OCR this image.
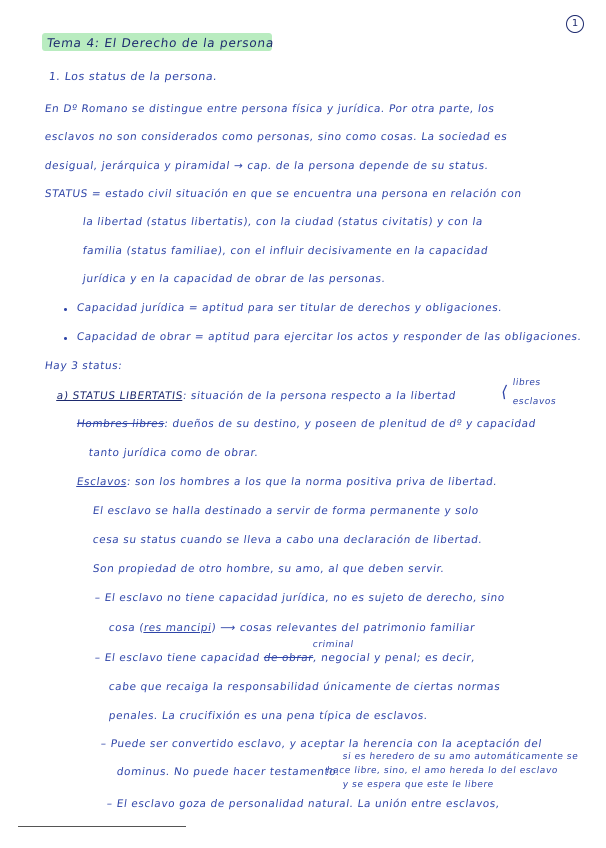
1
Tema 4: El Derecho de la persona
1. Los status de la persona.
En Dº Romano se distingue entre persona física y jurídica. Por otra parte, los
esclavos no son considerados como personas, sino como cosas. La sociedad es
desigual, jerárquica y piramidal → cap. de la persona depende de su status.
STATUS = estado civil situación en que se encuentra una persona en relación con
la libertad (status libertatis), con la ciudad (status civitatis) y con la
familia (status familiae), con el influir decisivamente en la capacidad
jurídica y en la capacidad de obrar de las personas.
Capacidad jurídica = aptitud para ser titular de derechos y obligaciones.
Capacidad de obrar = aptitud para ejercitar los actos y responder de las obligaciones.
Hay 3 status:
a) STATUS LIBERTATIS: situación de la persona respecto a la libertad
libres
esclavos
⟨
Hombres libres: dueños de su destino, y poseen de plenitud de dº y capacidad
tanto jurídica como de obrar.
Esclavos: son los hombres a los que la norma positiva priva de libertad.
El esclavo se halla destinado a servir de forma permanente y solo
cesa su status cuando se lleva a cabo una declaración de libertad.
Son propiedad de otro hombre, su amo, al que deben servir.
– El esclavo no tiene capacidad jurídica, no es sujeto de derecho, sino
cosa (res mancipi) ⟶ cosas relevantes del patrimonio familiar
criminal
– El esclavo tiene capacidad de obrar, negocial y penal; es decir,
cabe que recaiga la responsabilidad únicamente de ciertas normas
penales. La crucifixión es una pena típica de esclavos.
– Puede ser convertido esclavo, y aceptar la herencia con la aceptación del
si es heredero de su amo automáticamente se
dominus. No puede hacer testamento.
hace libre, sino, el amo hereda lo del esclavo
y se espera que este le libere
– El esclavo goza de personalidad natural. La unión entre esclavos,
